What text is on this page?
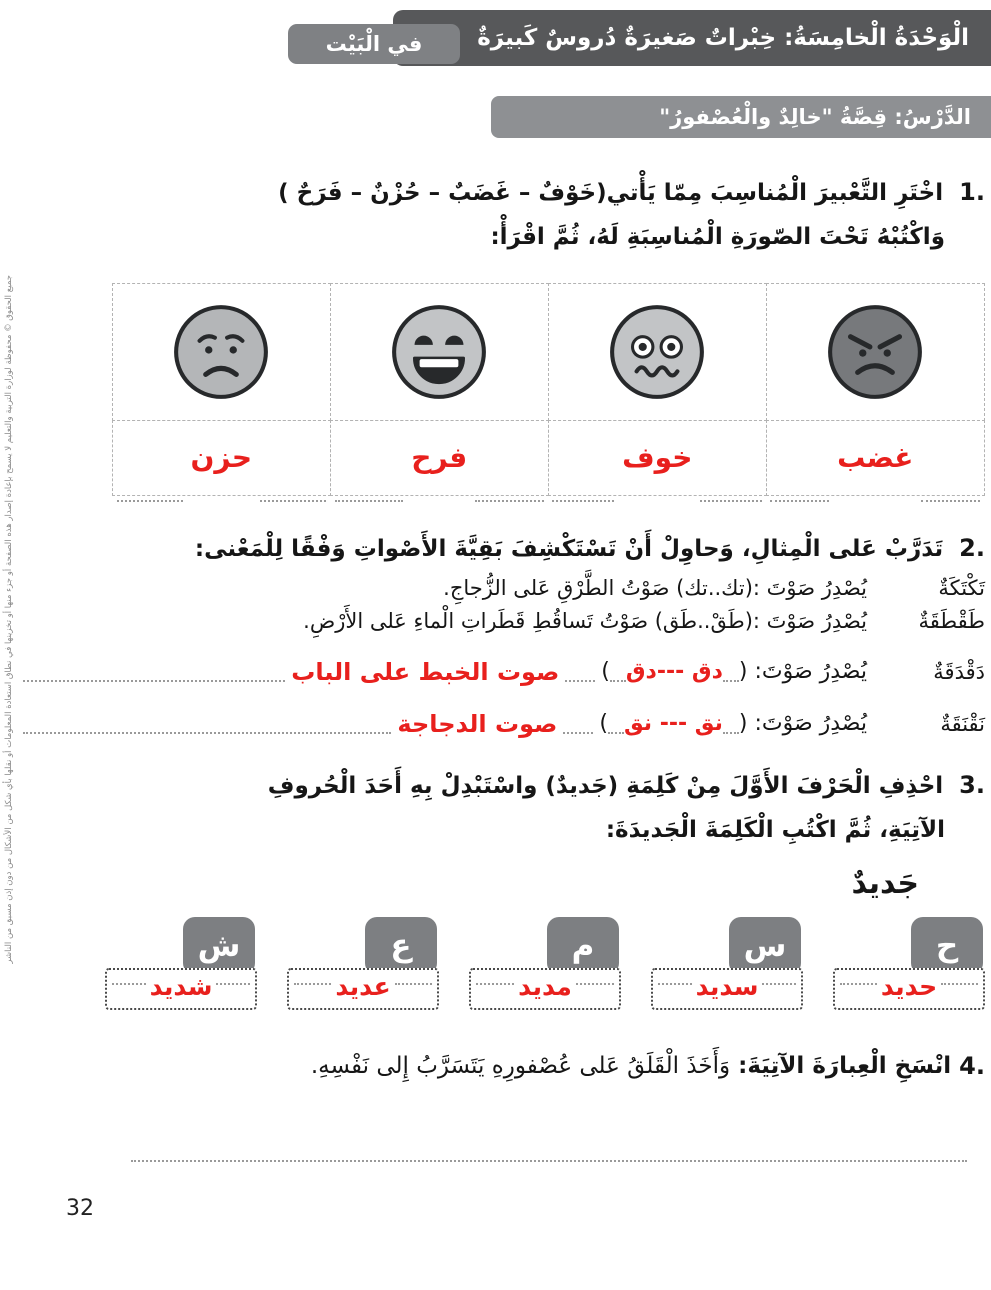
الْوَحْدَةُ الْخامِسَةُ: خِبْراتٌ صَغيرَةٌ دُروسٌ كَبيرَةٌ
في الْبَيْت
الدَّرْسُ: قِصَّةُ "خالِدٌ والْعُصْفورُ"
1. اخْتَرِ التَّعْبيرَ الْمُناسِبَ مِمّا يَأْتي(خَوْفٌ – غَضَبٌ – حُزْنٌ – فَرَحٌ )
وَاكْتُبْهُ تَحْتَ الصّورَةِ الْمُناسِبَةِ لَهُ، ثُمَّ اقْرَأْ:
غضب
خوف
فرح
حزن
2. تَدَرَّبْ عَلى الْمِثالِ، وَحاوِلْ أَنْ تَسْتَكْشِفَ بَقِيَّةَ الأَصْواتِ وَفْقًا لِلْمَعْنى:
تَكْتَكَةٌ
يُصْدِرُ صَوْتَ :(تك..تك) صَوْتُ الطَّرْقِ عَلى الزُّجاجِ.
طَقْطَقَةٌ
يُصْدِرُ صَوْتَ :(طَقْ..طَق) صَوْتُ تَساقُطِ قَطَراتِ الْماءِ عَلى الأَرْضِ.
دَقْدَقَةٌ
يُصْدِرُ صَوْتَ: (
دق ---دق
)
صوت الخبط على الباب
نَقْنَقَةٌ
يُصْدِرُ صَوْتَ: (
نق --- نق
)
صوت الدجاجة
3. احْذِفِ الْحَرْفَ الأَوَّلَ مِنْ كَلِمَةِ (جَديدٌ) واسْتَبْدِلْ بِهِ أَحَدَ الْحُروفِ
الآتِيَةِ، ثُمَّ اكْتُبِ الْكَلِمَةَ الْجَديدَةَ:
جَديدٌ
ح
حديد
س
سديد
م
مديد
ع
عديد
ش
شديد
4.
انْسَخِ الْعِبارَةَ الآتِيَةَ:
وَأَخَذَ الْقَلَقُ عَلى عُصْفورِهِ يَتَسَرَّبُ إِلى نَفْسِهِ.
32
جميع الحقوق © محفوظة لوزارة التربية والتعليم لا يسمح بإعادة إصدار هذه الصفحة أو جزء منها أو تخزينها في نطاق استعادة المعلومات أو نقلها بأي شكل من الأشكال من دون إذن مسبق من الناشر
